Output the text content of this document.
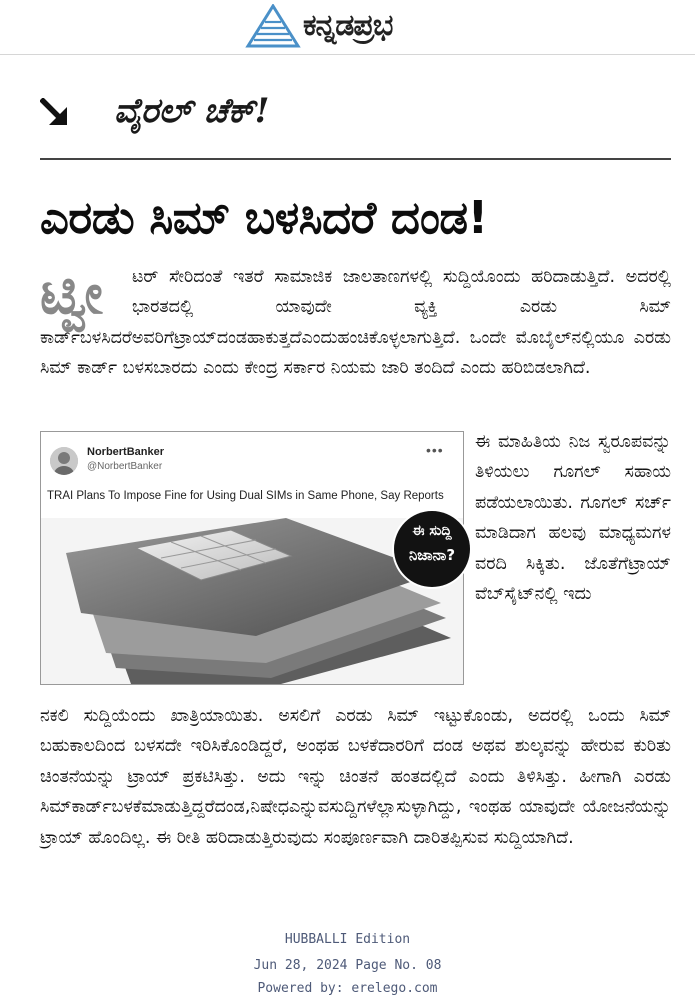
ಕನ್ನಡಪ್ರಭ
ವೈರಲ್ ಚೆಕ್!
ಎರಡು ಸಿಮ್ ಬಳಸಿದರೆ ದಂಡ!
ಟ್ವೀ	ಟರ್ ಸೇರಿದಂತೆ ಇತರೆ ಸಾಮಾಜಿಕ ಜಾಲತಾಣಗಳಲ್ಲಿ ಸುದ್ದಿಯೊಂದು ಹರಿದಾಡುತ್ತಿದೆ. ಅದರಲ್ಲಿ ಭಾರತದಲ್ಲಿ ಯಾವುದೇ ವ್ಯಕ್ತಿ ಎರಡು ಸಿಮ್ ಕಾರ್ಡ್‌ಬಳಸಿದರೆಅವರಿಗೆಟ್ರಾಯ್‌ದಂಡಹಾಕುತ್ತದೆಎಂದುಹಂಚಿಕೊಳ್ಳಲಾಗುತ್ತಿದೆ. ಒಂದೇ ಮೊಬೈಲ್‌ನಲ್ಲಿಯೂ ಎರಡು ಸಿಮ್ ಕಾರ್ಡ್ ಬಳಸಬಾರದು ಎಂದು ಕೇಂದ್ರ ಸರ್ಕಾರ ನಿಯಮ ಜಾರಿ ತಂದಿದೆ ಎಂದು ಹರಿಬಿಡಲಾಗಿದೆ.

NorbertBanker
@NorbertBanker
•••
TRAI Plans To Impose Fine for Using Dual SIMs in Same Phone, Say Reports
ಈ ಸುದ್ದಿ
ನಿಜಾನಾ?

ಈ ಮಾಹಿತಿಯ ನಿಜ ಸ್ವರೂಪವನ್ನು ತಿಳಿಯಲು ಗೂಗಲ್ ಸಹಾಯ ಪಡೆಯಲಾಯಿತು. ಗೂಗಲ್ ಸರ್ಚ್ ಮಾಡಿದಾಗ ಹಲವು ಮಾಧ್ಯಮಗಳ ವರದಿ ಸಿಕ್ಕಿತು. ಜೊತೆಗೆಟ್ರಾಯ್ ವೆಬ್‌ಸೈಟ್‌ನಲ್ಲಿ ಇದು

ನಕಲಿ ಸುದ್ದಿಯೆಂದು ಖಾತ್ರಿಯಾಯಿತು. ಅಸಲಿಗೆ ಎರಡು ಸಿಮ್ ಇಟ್ಟುಕೊಂಡು, ಅದರಲ್ಲಿ ಒಂದು ಸಿಮ್ ಬಹುಕಾಲದಿಂದ ಬಳಸದೇ ಇರಿಸಿಕೊಂಡಿದ್ದರೆ, ಅಂಥಹ ಬಳಕೆದಾರರಿಗೆ ದಂಡ ಅಥವ ಶುಲ್ಕವನ್ನು ಹೇರುವ ಕುರಿತು ಚಿಂತನೆಯನ್ನು ಟ್ರಾಯ್ ಪ್ರಕಟಿಸಿತ್ತು. ಅದು ಇನ್ನು ಚಿಂತನೆ ಹಂತದಲ್ಲಿದೆ ಎಂದು ತಿಳಿಸಿತ್ತು. ಹೀಗಾಗಿ ಎರಡು ಸಿಮ್‌ಕಾರ್ಡ್‌ಬಳಕೆಮಾಡುತ್ತಿದ್ದರೆದಂಡ,ನಿಷೇಧಎನ್ನುವಸುದ್ದಿಗಳೆಲ್ಲಾಸುಳ್ಳಾಗಿದ್ದು, ಇಂಥಹ ಯಾವುದೇ ಯೋಜನೆಯನ್ನು ಟ್ರಾಯ್ ಹೊಂದಿಲ್ಲ. ಈ ರೀತಿ ಹರಿದಾಡುತ್ತಿರುವುದು ಸಂಪೂರ್ಣವಾಗಿ ದಾರಿತಪ್ಪಿಸುವ ಸುದ್ದಿಯಾಗಿದೆ.

HUBBALLI Edition
Jun 28, 2024 Page No. 08
Powered by: erelego.com
